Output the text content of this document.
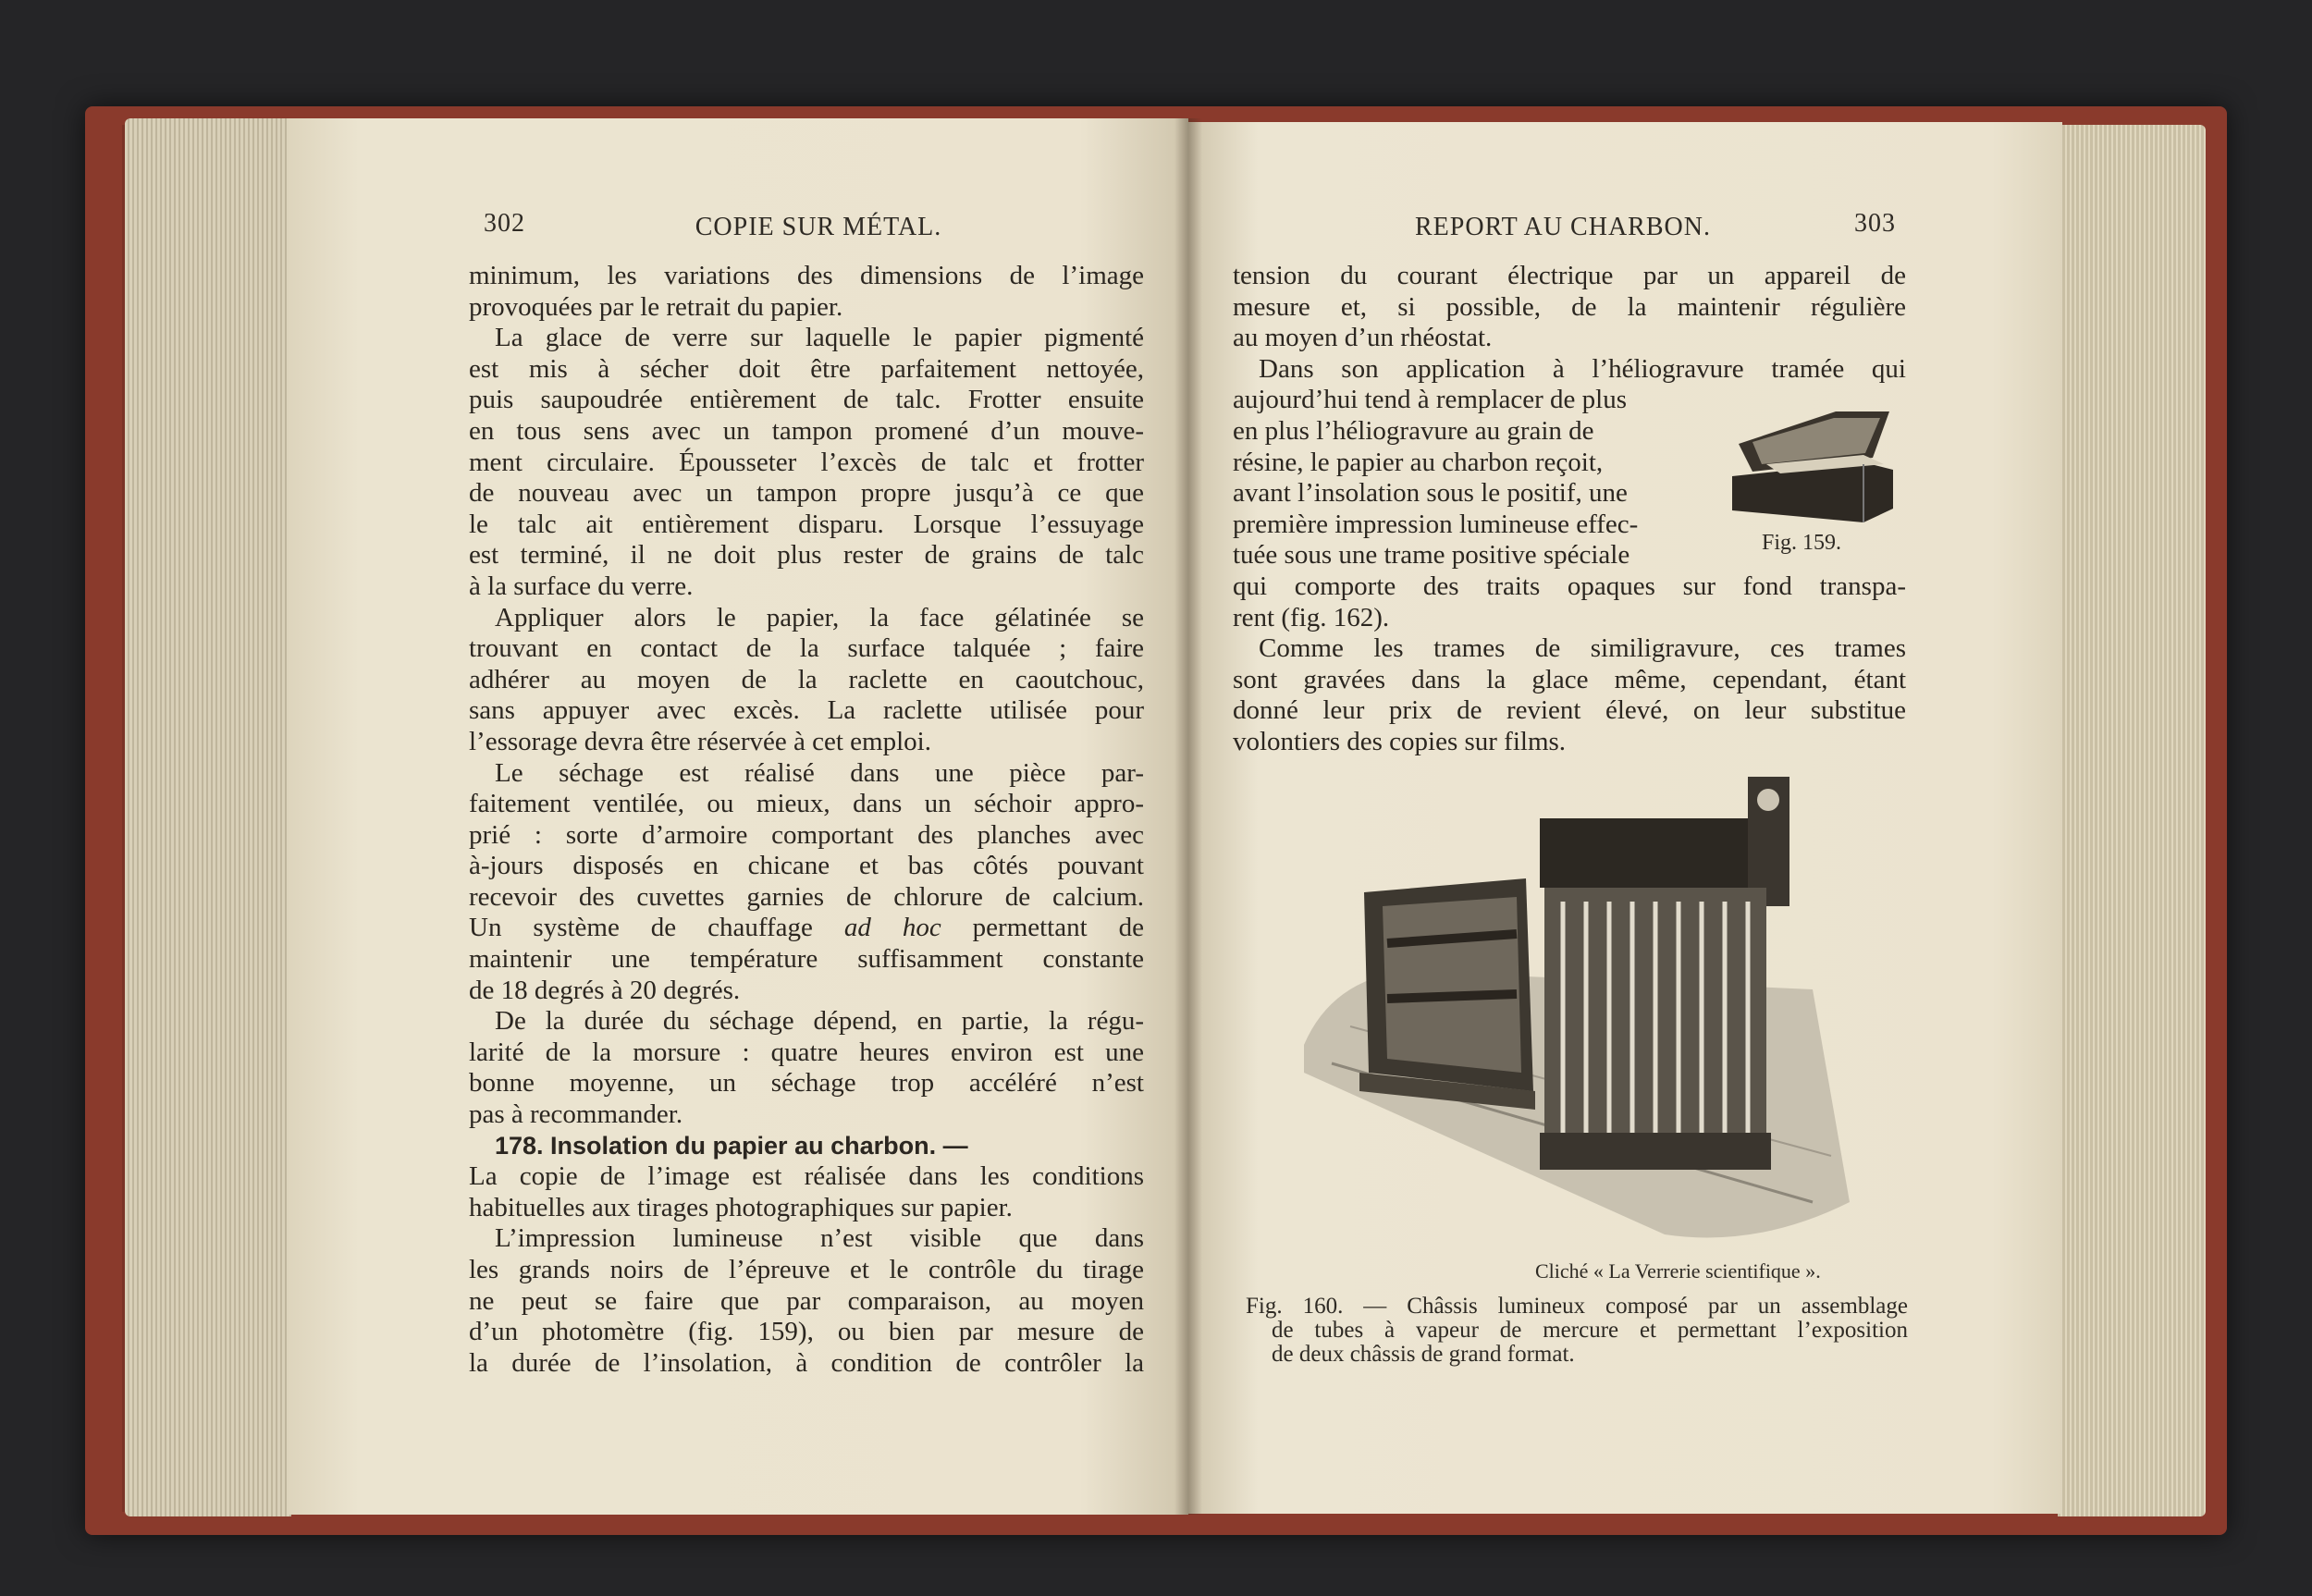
302	COPIE SUR MÉTAL.	REPORT AU CHARBON.	303
minimum, les variations des dimensions de l’image
provoquées par le retrait du papier.
La glace de verre sur laquelle le papier pigmenté
est mis à sécher doit être parfaitement nettoyée,
puis saupoudrée entièrement de talc. Frotter ensuite
en tous sens avec un tampon promené d’un mouve-
ment circulaire. Épousseter l’excès de talc et frotter
de nouveau avec un tampon propre jusqu’à ce que
le talc ait entièrement disparu. Lorsque l’essuyage
est terminé, il ne doit plus rester de grains de talc
à la surface du verre.
Appliquer alors le papier, la face gélatinée se
trouvant en contact de la surface talquée ; faire
adhérer au moyen de la raclette en caoutchouc,
sans appuyer avec excès. La raclette utilisée pour
l’essorage devra être réservée à cet emploi.
Le séchage est réalisé dans une pièce par-
faitement ventilée, ou mieux, dans un séchoir appro-
prié : sorte d’armoire comportant des planches avec
à-jours disposés en chicane et bas côtés pouvant
recevoir des cuvettes garnies de chlorure de calcium.
Un système de chauffage ad hoc permettant de
maintenir une température suffisamment constante
de 18 degrés à 20 degrés.
De la durée du séchage dépend, en partie, la régu-
larité de la morsure : quatre heures environ est une
bonne moyenne, un séchage trop accéléré n’est
pas à recommander.
178. Insolation du papier au charbon. —
La copie de l’image est réalisée dans les conditions
habituelles aux tirages photographiques sur papier.
L’impression lumineuse n’est visible que dans
les grands noirs de l’épreuve et le contrôle du tirage
ne peut se faire que par comparaison, au moyen
d’un photomètre (fig. 159), ou bien par mesure de
la durée de l’insolation, à condition de contrôler la
tension du courant électrique par un appareil de
mesure et, si possible, de la maintenir régulière
au moyen d’un rhéostat.
Dans son application à l’héliogravure tramée qui
aujourd’hui tend à remplacer de plus
en plus l’héliogravure au grain de
résine, le papier au charbon reçoit,
avant l’insolation sous le positif, une
première impression lumineuse effec-
tuée sous une trame positive spéciale
qui comporte des traits opaques sur fond transpa-
rent (fig. 162).
Comme les trames de similigravure, ces trames
sont gravées dans la glace même, cependant, étant
donné leur prix de revient élevé, on leur substitue
volontiers des copies sur films.
Fig. 159.
Cliché « La Verrerie scientifique ».
Fig. 160. — Châssis lumineux composé par un assemblage
de tubes à vapeur de mercure et permettant l’exposition
de deux châssis de grand format.
